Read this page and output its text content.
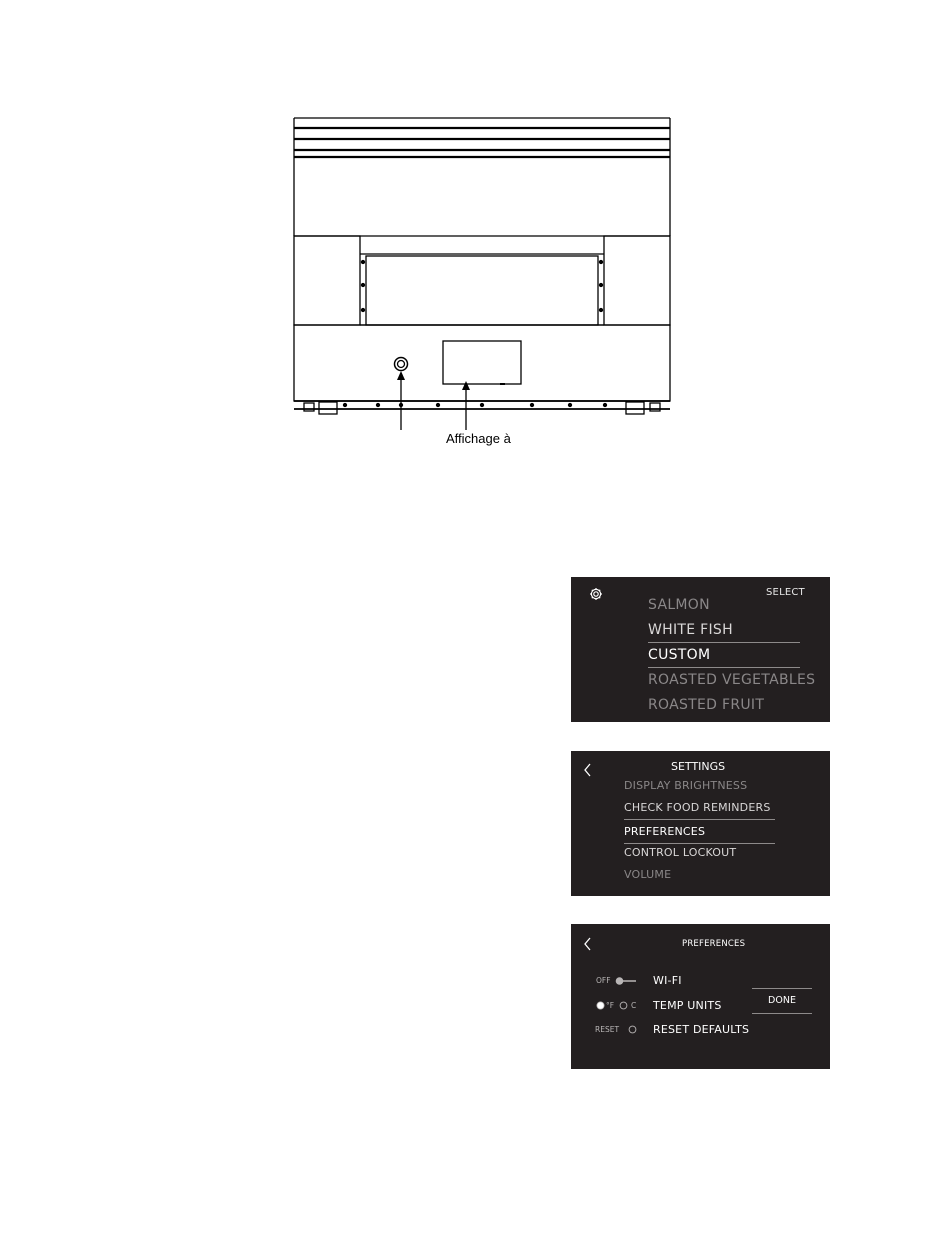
Affichage à
SELECT
SALMON
WHITE FISH
CUSTOM
ROASTED VEGETABLES
ROASTED FRUIT
SETTINGS
DISPLAY BRIGHTNESS
CHECK FOOD REMINDERS
PREFERENCES
CONTROL LOCKOUT
VOLUME
PREFERENCES
OFF	WI-FI
°F C TEMP UNITS
RESET	RESET DEFAULTS
DONE
